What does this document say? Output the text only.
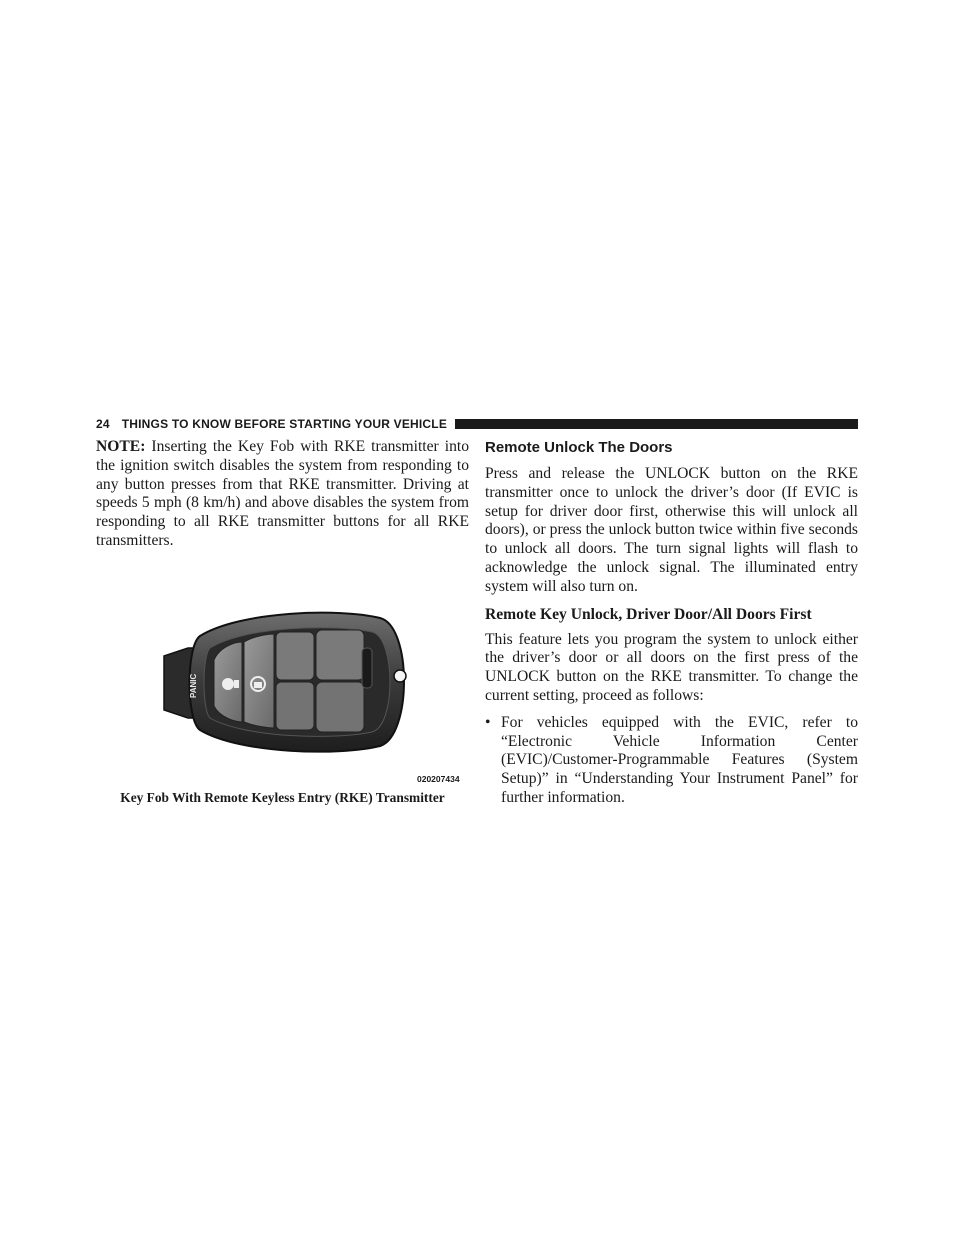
24 THINGS TO KNOW BEFORE STARTING YOUR VEHICLE

NOTE: Inserting the Key Fob with RKE transmitter into the ignition switch disables the system from responding to any button presses from that RKE transmitter. Driving at speeds 5 mph (8 km/h) and above disables the system from responding to all RKE transmitter buttons for all RKE transmitters.

PANIC
020207434
Key Fob With Remote Keyless Entry (RKE) Transmitter
Remote Unlock The Doors

Press and release the UNLOCK button on the RKE transmitter once to unlock the driver’s door (If EVIC is setup for driver door first, otherwise this will unlock all doors), or press the unlock button twice within five seconds to unlock all doors. The turn signal lights will flash to acknowledge the unlock signal. The illuminated entry system will also turn on.

Remote Key Unlock, Driver Door/All Doors First

This feature lets you program the system to unlock either the driver’s door or all doors on the first press of the UNLOCK button on the RKE transmitter. To change the current setting, proceed as follows:

• For vehicles equipped with the EVIC, refer to “Electronic Vehicle Information Center (EVIC)/Customer-Programmable Features (System Setup)” in “Understanding Your Instrument Panel” for further information.
